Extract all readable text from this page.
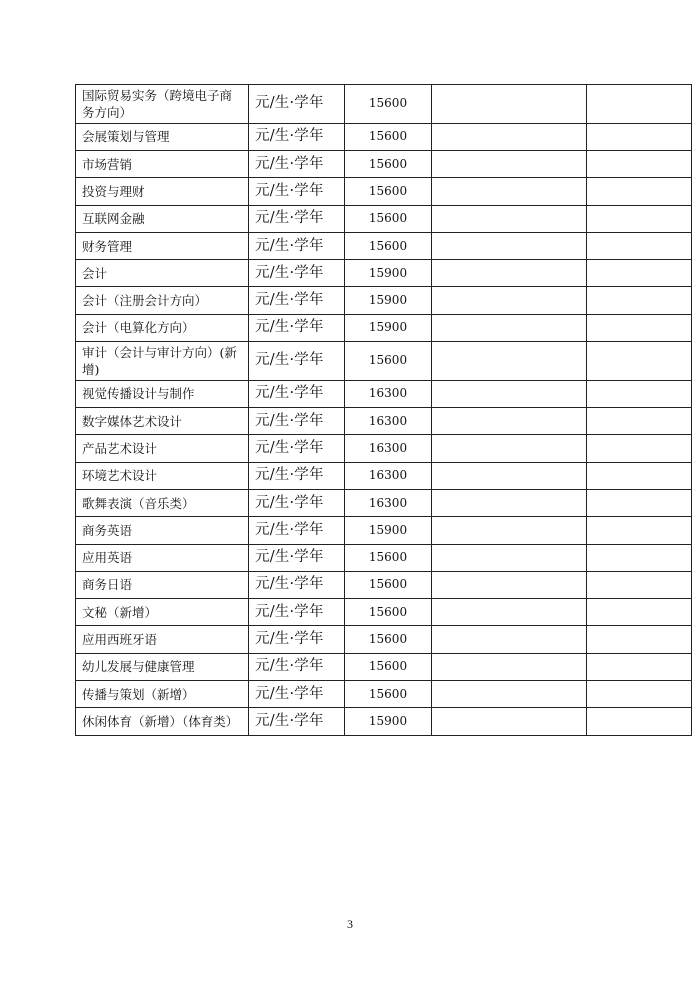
国际贸易实务（跨境电子商务方向）	元/生·学年	15600		
会展策划与管理	元/生·学年	15600		
市场营销	元/生·学年	15600		
投资与理财	元/生·学年	15600		
互联网金融	元/生·学年	15600		
财务管理	元/生·学年	15600		
会计	元/生·学年	15900		
会计（注册会计方向）	元/生·学年	15900		
会计（电算化方向）	元/生·学年	15900		
审计（会计与审计方向）(新增)	元/生·学年	15600		
视觉传播设计与制作	元/生·学年	16300		
数字媒体艺术设计	元/生·学年	16300		
产品艺术设计	元/生·学年	16300		
环境艺术设计	元/生·学年	16300		
歌舞表演（音乐类）	元/生·学年	16300		
商务英语	元/生·学年	15900		
应用英语	元/生·学年	15600		
商务日语	元/生·学年	15600		
文秘（新增）	元/生·学年	15600		
应用西班牙语	元/生·学年	15600		
幼儿发展与健康管理	元/生·学年	15600		
传播与策划（新增）	元/生·学年	15600		
休闲体育（新增）（体育类）	元/生·学年	15900		
3
